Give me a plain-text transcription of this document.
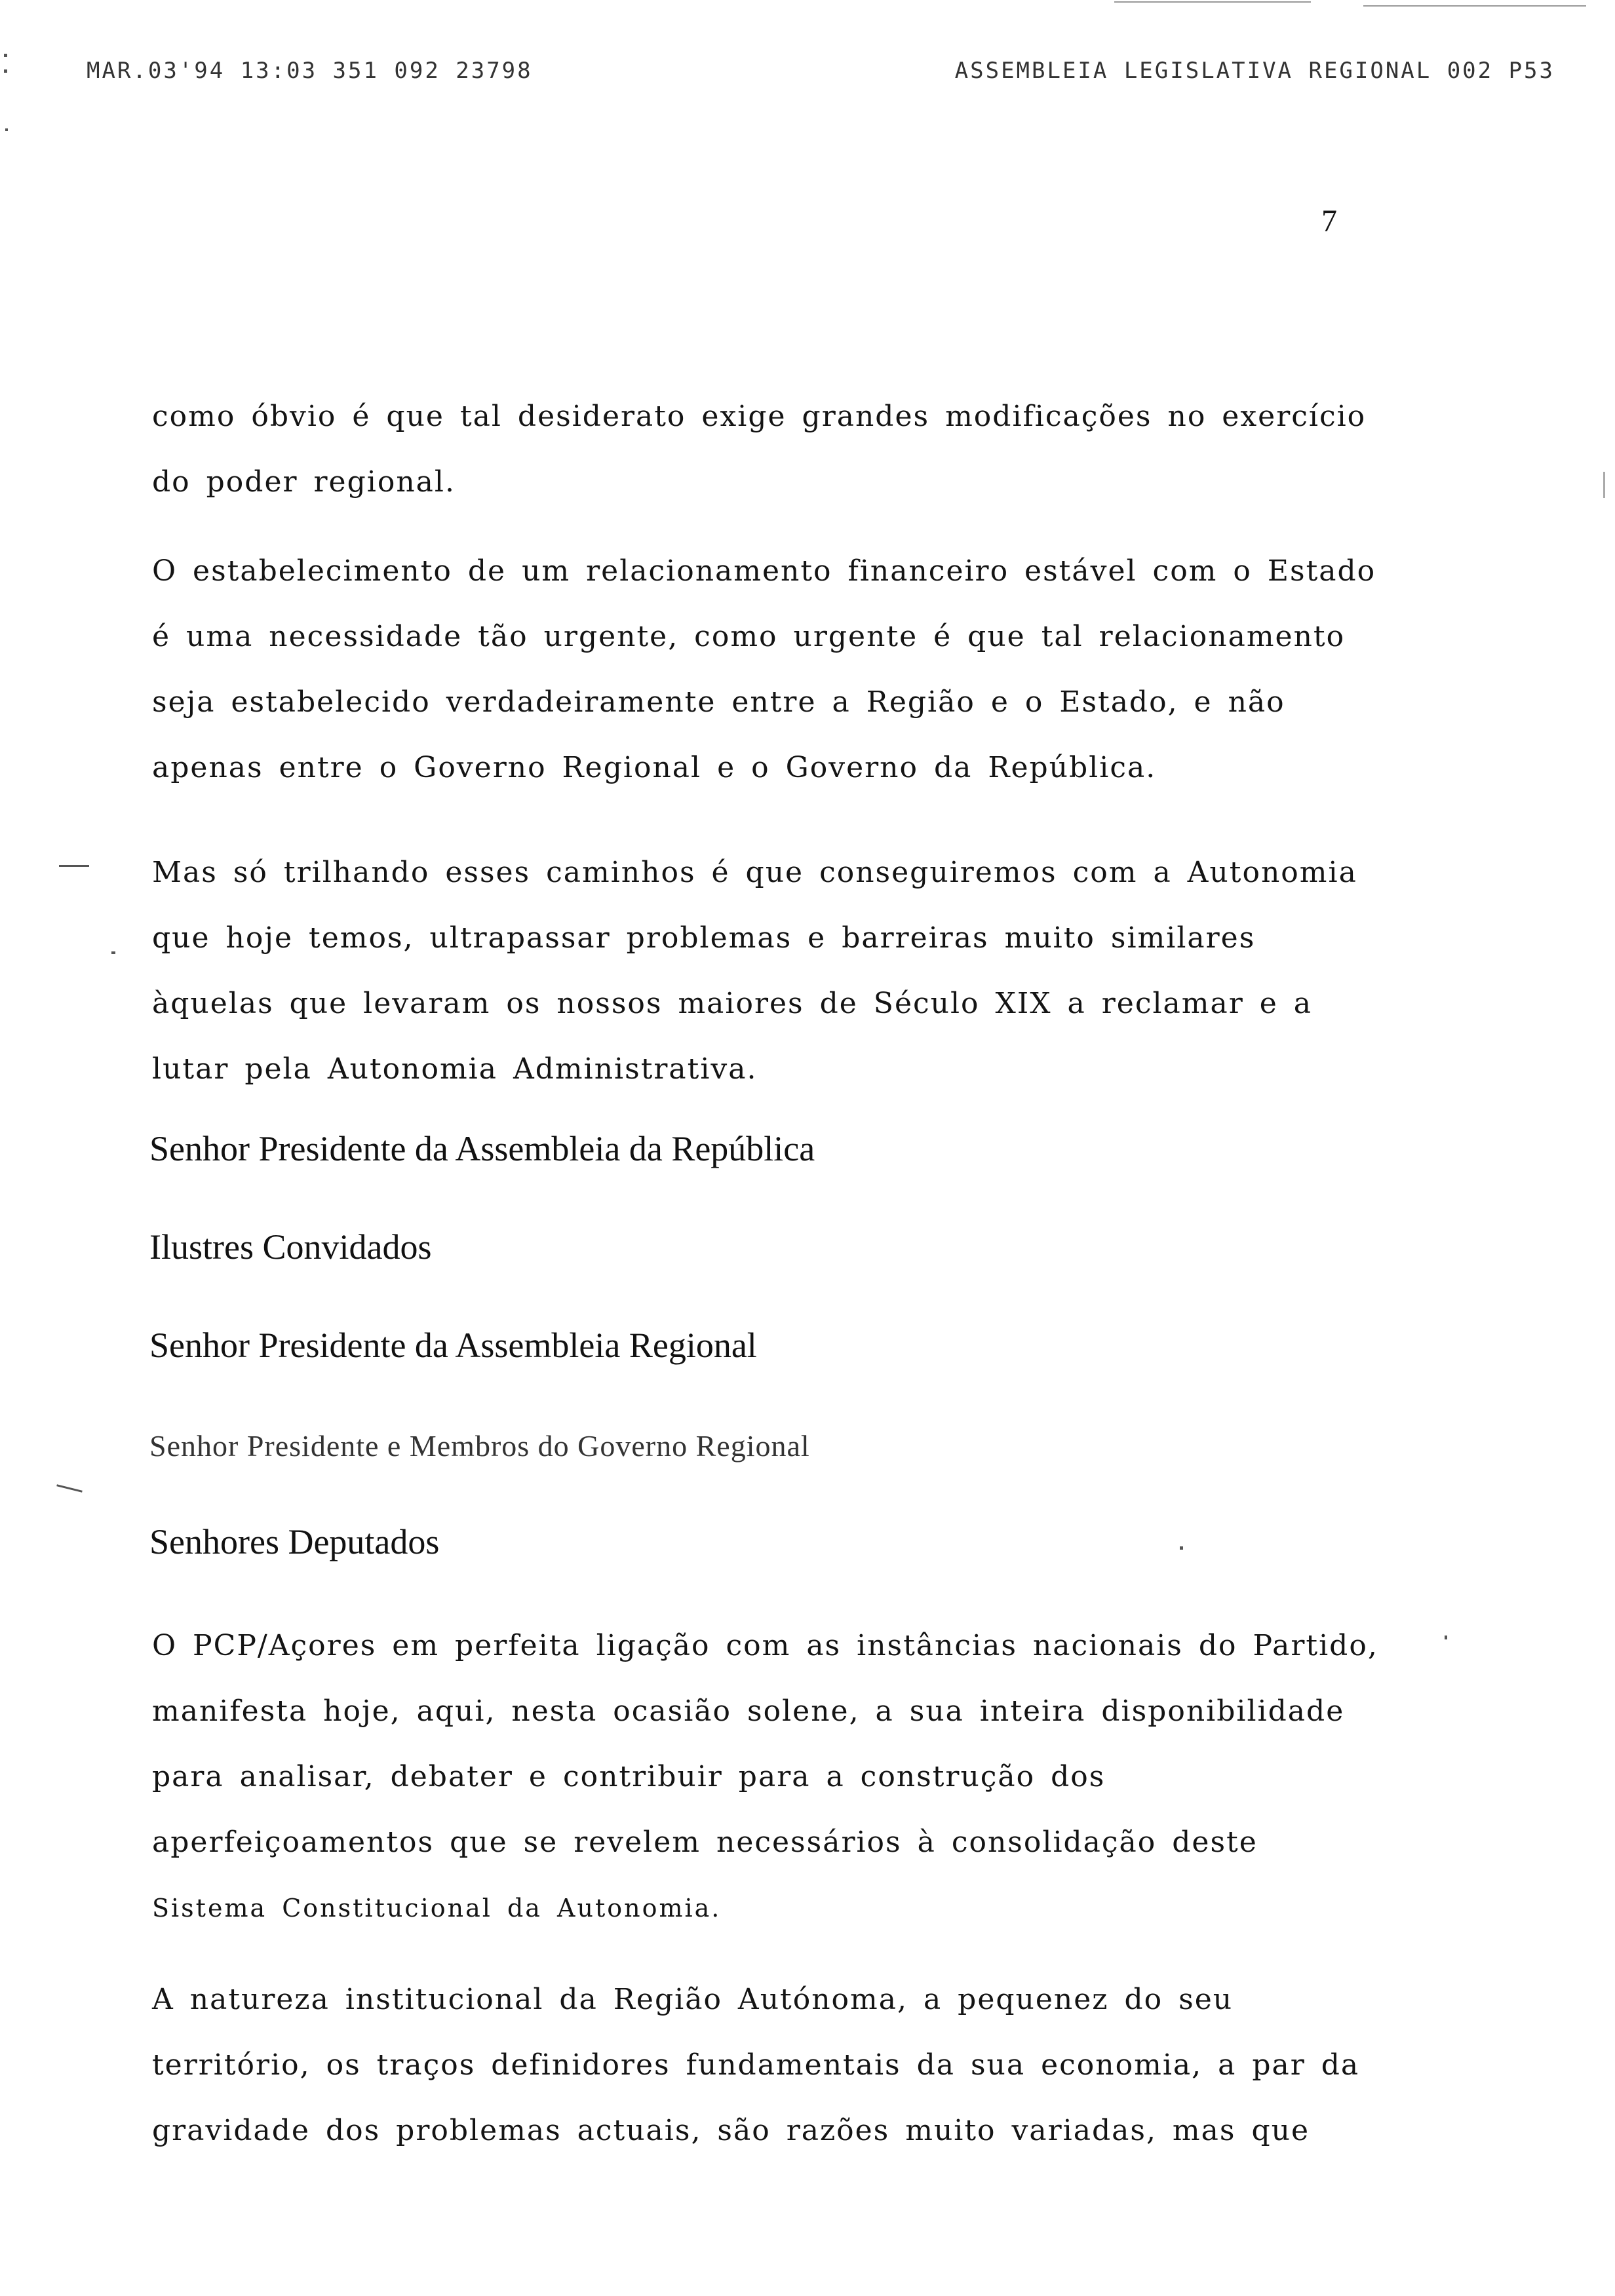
MAR.03'94 13:03 351 092 23798	ASSEMBLEIA LEGISLATIVA REGIONAL 002 P53
7
como óbvio é que tal desiderato exige grandes modificações no exercício
do poder regional.
O estabelecimento de um relacionamento financeiro estável com o Estado
é uma necessidade tão urgente, como urgente é que tal relacionamento
seja estabelecido verdadeiramente entre a Região e o Estado, e não
apenas entre o Governo Regional e o Governo da República.
Mas só trilhando esses caminhos é que conseguiremos com a Autonomia
que hoje temos, ultrapassar problemas e barreiras muito similares
àquelas que levaram os nossos maiores de Século XIX a reclamar e a
lutar pela Autonomia Administrativa.

Senhor Presidente da Assembleia da República

Ilustres Convidados

Senhor Presidente da Assembleia Regional

Senhor Presidente e Membros do Governo Regional

Senhores Deputados

O PCP/Açores em perfeita ligação com as instâncias nacionais do Partido,
manifesta hoje, aqui, nesta ocasião solene, a sua inteira disponibilidade
para analisar, debater e contribuir para a construção dos
aperfeiçoamentos que se revelem necessários à consolidação deste
Sistema Constitucional da Autonomia.
A natureza institucional da Região Autónoma, a pequenez do seu
território, os traços definidores fundamentais da sua economia, a par da
gravidade dos problemas actuais, são razões muito variadas, mas que
